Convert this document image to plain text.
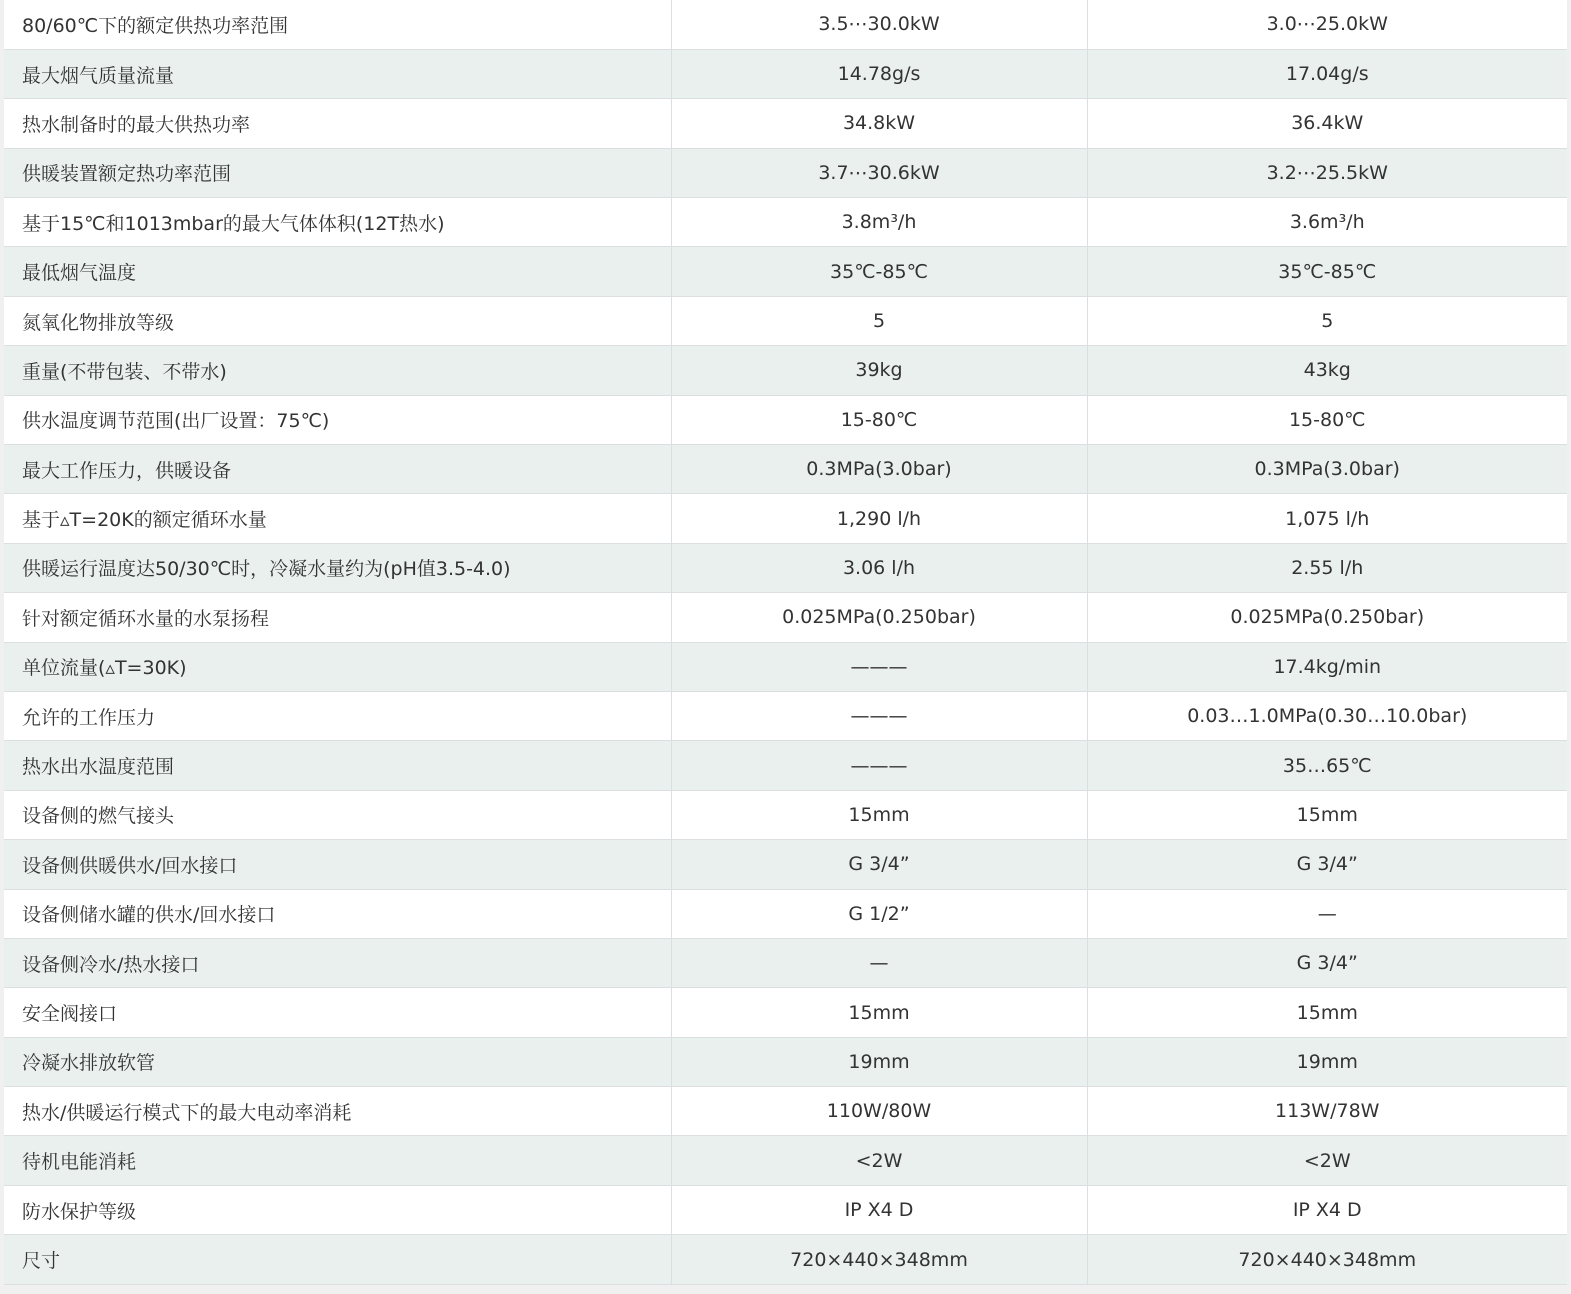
80/60℃下的额定供热功率范围	3.5⋯30.0kW	3.0⋯25.0kW
最大烟气质量流量	14.78g/s	17.04g/s
热水制备时的最大供热功率	34.8kW	36.4kW
供暖装置额定热功率范围	3.7⋯30.6kW	3.2⋯25.5kW
基于15℃和1013mbar的最大气体体积(12T热水)	3.8m³/h	3.6m³/h
最低烟气温度	35℃-85℃	35℃-85℃
氮氧化物排放等级	5	5
重量(不带包装、不带水)	39kg	43kg
供水温度调节范围(出厂设置：75℃)	15-80℃	15-80℃
最大工作压力，供暖设备	0.3MPa(3.0bar)	0.3MPa(3.0bar)
基于▵T=20K的额定循环水量	1,290 l/h	1,075 l/h
供暖运行温度达50/30℃时，冷凝水量约为(pH值3.5-4.0)	3.06 l/h	2.55 l/h
针对额定循环水量的水泵扬程	0.025MPa(0.250bar)	0.025MPa(0.250bar)
单位流量(▵T=30K)	———	17.4kg/min
允许的工作压力	———	0.03…1.0MPa(0.30…10.0bar)
热水出水温度范围	———	35…65℃
设备侧的燃气接头	15mm	15mm
设备侧供暖供水/回水接口	G 3/4”	G 3/4”
设备侧储水罐的供水/回水接口	G 1/2”	—
设备侧冷水/热水接口	—	G 3/4”
安全阀接口	15mm	15mm
冷凝水排放软管	19mm	19mm
热水/供暖运行模式下的最大电动率消耗	110W/80W	113W/78W
待机电能消耗	<2W	<2W
防水保护等级	IP X4 D	IP X4 D
尺寸	720×440×348mm	720×440×348mm
